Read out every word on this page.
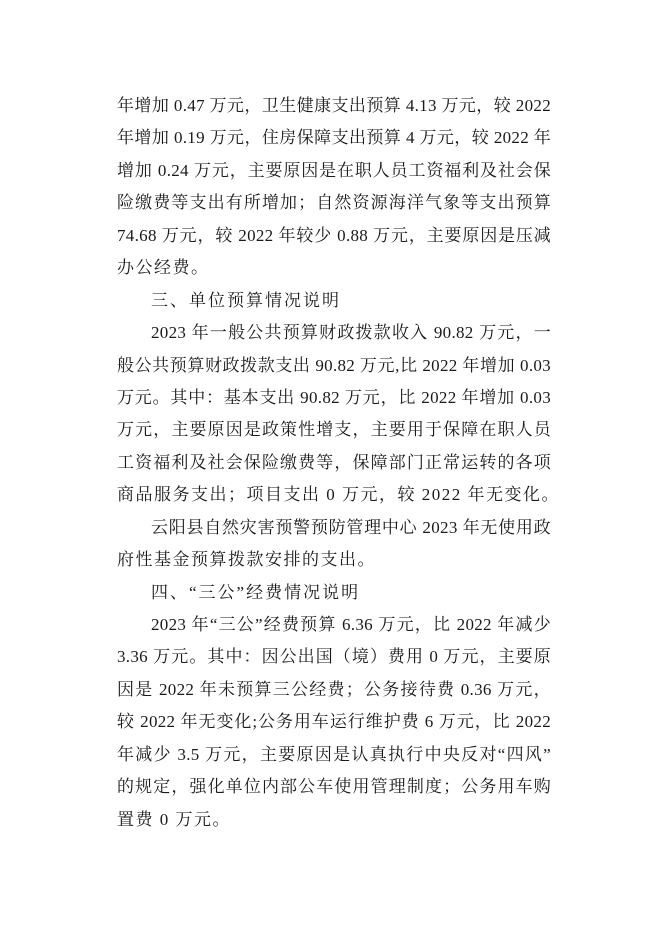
年增加 0.47 万元，卫生健康支出预算 4.13 万元，较 2022
年增加 0.19 万元，住房保障支出预算 4 万元，较 2022 年
增加 0.24 万元，主要原因是在职人员工资福利及社会保
险缴费等支出有所增加；自然资源海洋气象等支出预算
74.68 万元，较 2022 年较少 0.88 万元，主要原因是压减
办公经费。
三、单位预算情况说明
2023 年一般公共预算财政拨款收入 90.82 万元，一
般公共预算财政拨款支出 90.82 万元,比 2022 年增加 0.03
万元。其中：基本支出 90.82 万元，比 2022 年增加 0.03
万元，主要原因是政策性增支，主要用于保障在职人员
工资福利及社会保险缴费等，保障部门正常运转的各项
商品服务支出；项目支出 0 万元，较 2022 年无变化。
云阳县自然灾害预警预防管理中心 2023 年无使用政
府性基金预算拨款安排的支出。
四、“三公”经费情况说明
2023 年“三公”经费预算 6.36 万元，比 2022 年减少
3.36 万元。其中：因公出国（境）费用 0 万元，主要原
因是 2022 年未预算三公经费；公务接待费 0.36 万元，
较 2022 年无变化;公务用车运行维护费 6 万元，比 2022
年减少 3.5 万元，主要原因是认真执行中央反对“四风”
的规定，强化单位内部公车使用管理制度；公务用车购
置费 0 万元。
